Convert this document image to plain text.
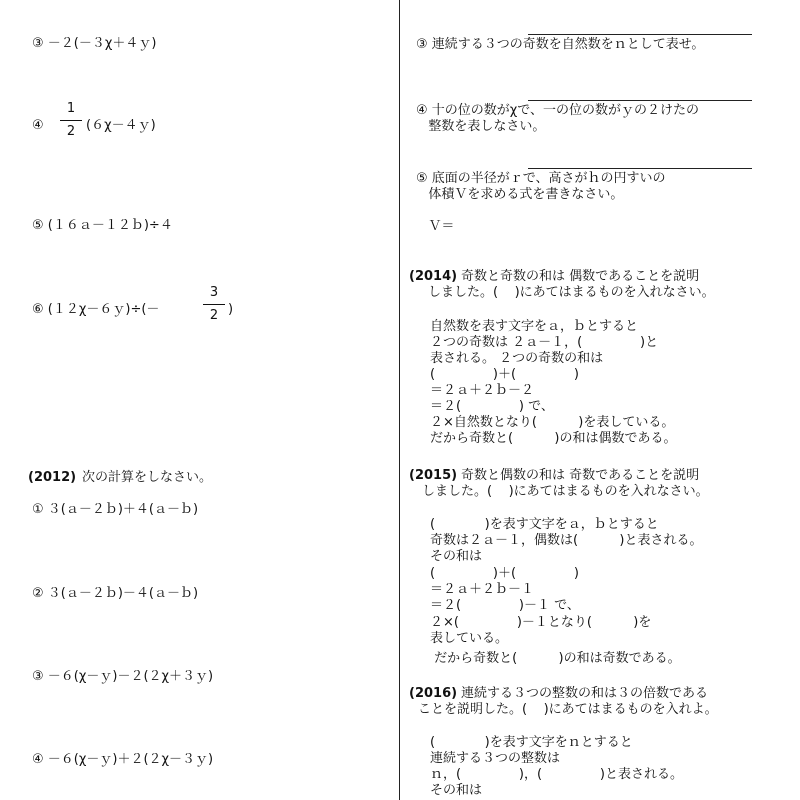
③ －２(－３χ＋４ｙ)
④
1
2 (６χ－４ｙ)
⑤ (１６ａ－１２ｂ)÷４
⑥ (１２χ－６ｙ)÷(－
3
2 )
(2012) 次の計算をしなさい。
① ３(ａ－２ｂ)＋４(ａ－ｂ)
② ３(ａ－２ｂ)－４(ａ－ｂ)
③ －６(χ－ｙ)－２(２χ＋３ｙ)
④ －６(χ－ｙ)＋２(２χ－３ｙ)
③ 連続する３つの奇数を自然数をｎとして表せ。
④ 十の位の数がχで、一の位の数がｙの２けたの
整数を表しなさい。
⑤ 底面の半径がｒで、高さがｈの円すいの
体積Ｖを求める式を書きなさい。
Ｖ＝
(2014) 奇数と奇数の和は 偶数であることを説明
しました。(    )にあてはまるものを入れなさい。
自然数を表す文字をａ，ｂとすると
２つの奇数は ２ａ－１，(              )と
表される。 ２つの奇数の和は
(              )＋(              )
＝２ａ＋２ｂ－２
＝２(              ) で、
２×自然数となり(          )を表している。
だから奇数と(          )の和は偶数である。
(2015) 奇数と偶数の和は 奇数であることを説明
しました。(    )にあてはまるものを入れなさい。
(            )を表す文字をａ，ｂとすると
奇数は２ａ－１，偶数は(          )と表される。
その和は
(              )＋(              )
＝２ａ＋２ｂ－１
＝２(              )－１ で、
２×(              )－１となり(          )を
表している。
だから奇数と(          )の和は奇数である。
(2016) 連続する３つの整数の和は３の倍数である
ことを説明した。(    )にあてはまるものを入れよ。
(            )を表す文字をｎとすると
連続する３つの整数は
ｎ，(              )，(              )と表される。
その和は
